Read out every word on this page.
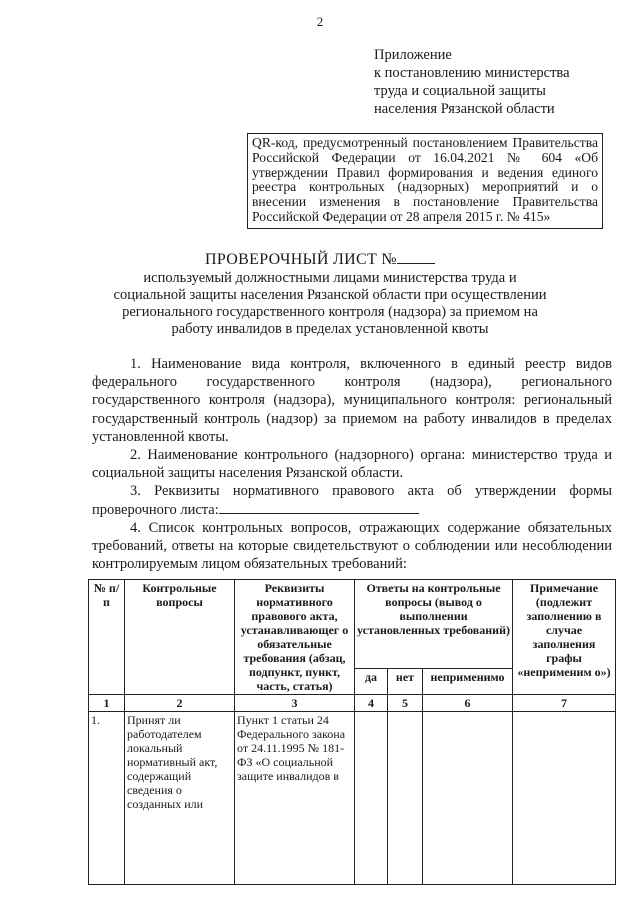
2
Приложение
к постановлению министерства
труда и социальной защиты
населения Рязанской области
QR-код, предусмотренный постановлением Правительства Российской Федерации от 16.04.2021 № 604 «Об утверждении Правил формирования и ведения единого реестра контрольных (надзорных) мероприятий и о внесении изменения в постановление Правительства Российской Федерации от 28 апреля 2015 г. № 415»
ПРОВЕРОЧНЫЙ ЛИСТ №
используемый должностными лицами министерства труда и социальной защиты населения Рязанской области при осуществлении регионального государственного контроля (надзора) за приемом на работу инвалидов в пределах установленной квоты

1. Наименование вида контроля, включенного в единый реестр видов федерального государственного контроля (надзора), регионального государственного контроля (надзора), муниципального контроля: региональный государственный контроль (надзор) за приемом на работу инвалидов в пределах установленной квоты.

2. Наименование контрольного (надзорного) органа: министерство труда и социальной защиты населения Рязанской области.

3. Реквизиты нормативного правового акта об утверждении формы проверочного листа:

4. Список контрольных вопросов, отражающих содержание обязательных требований, ответы на которые свидетельствуют о соблюдении или несоблюдении контролируемым лицом обязательных требований:

№ п/п	Контрольные вопросы	Реквизиты нормативного правового акта, устанавливающег о обязательные требования (абзац, подпункт, пункт, часть, статья)	Ответы на контрольные вопросы (вывод о выполнении установленных требований)			Примечание (подлежит заполнению в случае заполнения графы «неприменим о»)
			да	нет	неприменимо	
1	2	3	4	5	6	7
1.	Принят ли работодателем локальный нормативный акт, содержащий сведения о созданных или	Пункт 1 статьи 24 Федерального закона от 24.11.1995 № 181-ФЗ «О социальной защите инвалидов в				
